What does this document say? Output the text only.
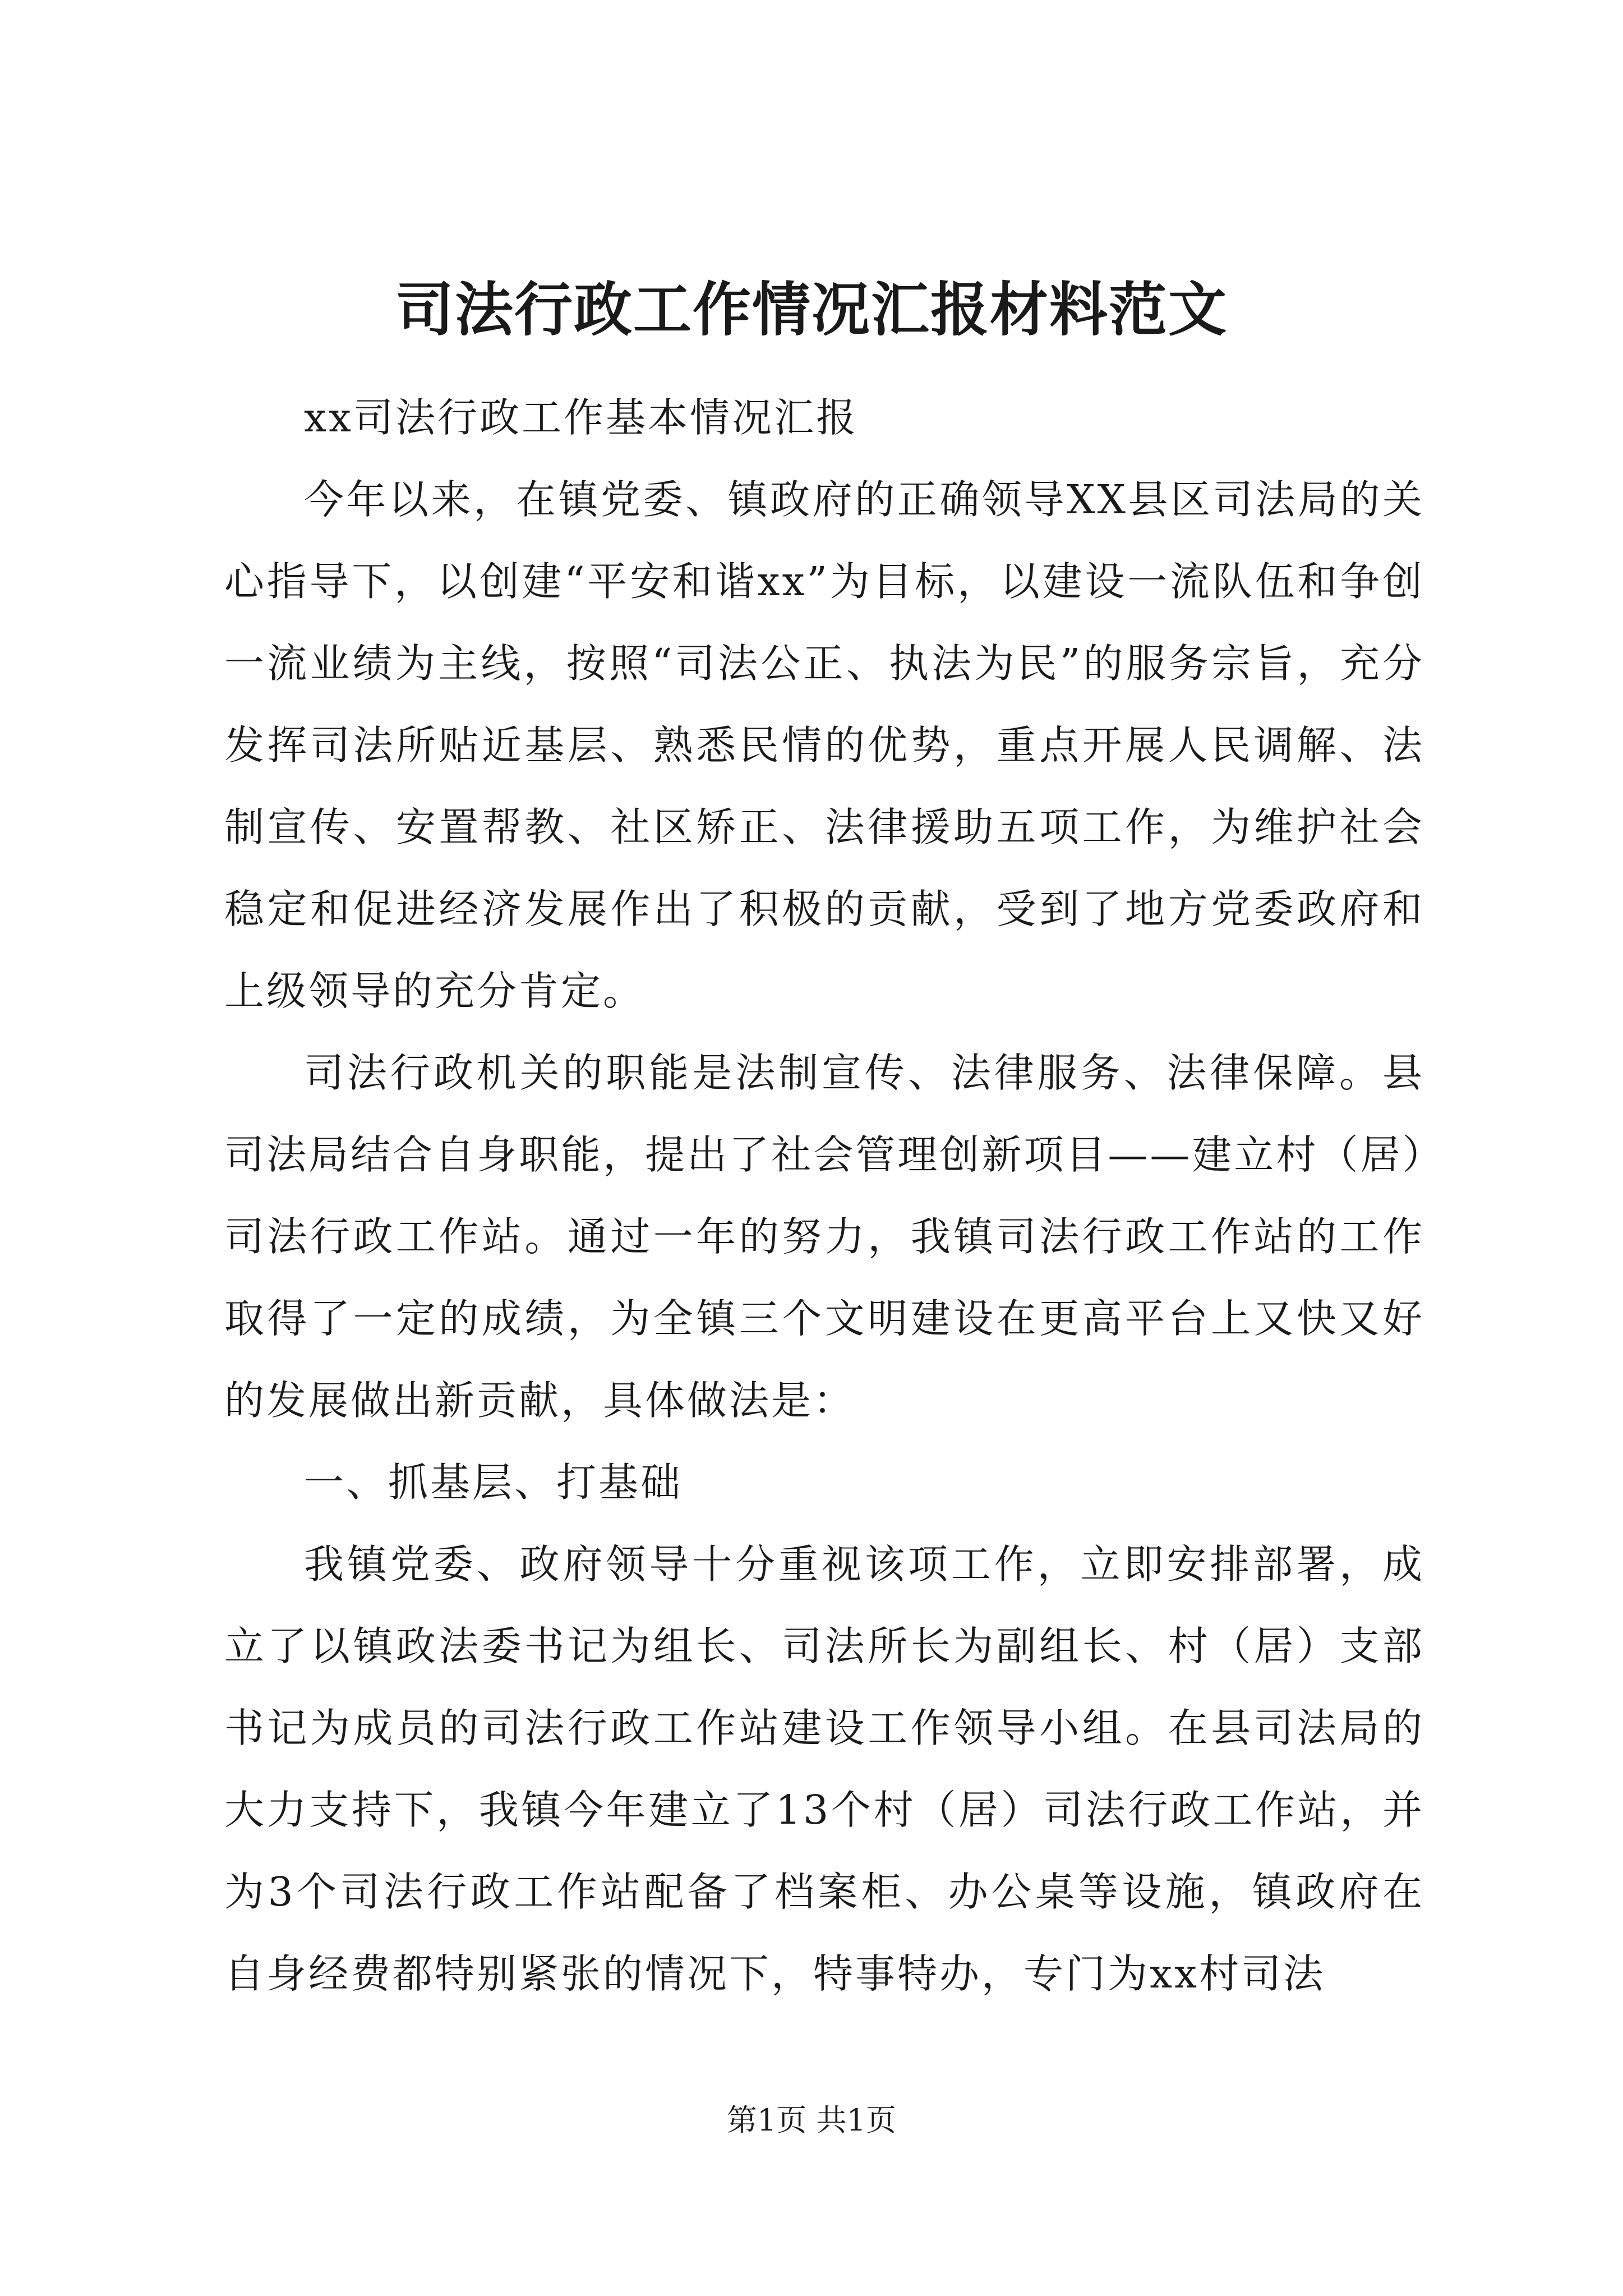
司法行政工作情况汇报材料范文

xx司法行政工作基本情况汇报

今年以来，在镇党委、镇政府的正确领导XX县区司法局的关心指导下，以创建“平安和谐xx”为目标，以建设一流队伍和争创一流业绩为主线，按照“司法公正、执法为民”的服务宗旨，充分发挥司法所贴近基层、熟悉民情的优势，重点开展人民调解、法制宣传、安置帮教、社区矫正、法律援助五项工作，为维护社会稳定和促进经济发展作出了积极的贡献，受到了地方党委政府和上级领导的充分肯定。

司法行政机关的职能是法制宣传、法律服务、法律保障。县司法局结合自身职能，提出了社会管理创新项目——建立村（居）司法行政工作站。通过一年的努力，我镇司法行政工作站的工作取得了一定的成绩，为全镇三个文明建设在更高平台上又快又好的发展做出新贡献，具体做法是：

一、抓基层、打基础

我镇党委、政府领导十分重视该项工作，立即安排部署，成立了以镇政法委书记为组长、司法所长为副组长、村（居）支部书记为成员的司法行政工作站建设工作领导小组。在县司法局的大力支持下，我镇今年建立了13个村（居）司法行政工作站，并为3个司法行政工作站配备了档案柜、办公桌等设施，镇政府在自身经费都特别紧张的情况下，特事特办，专门为xx村司法

第1页 共1页
